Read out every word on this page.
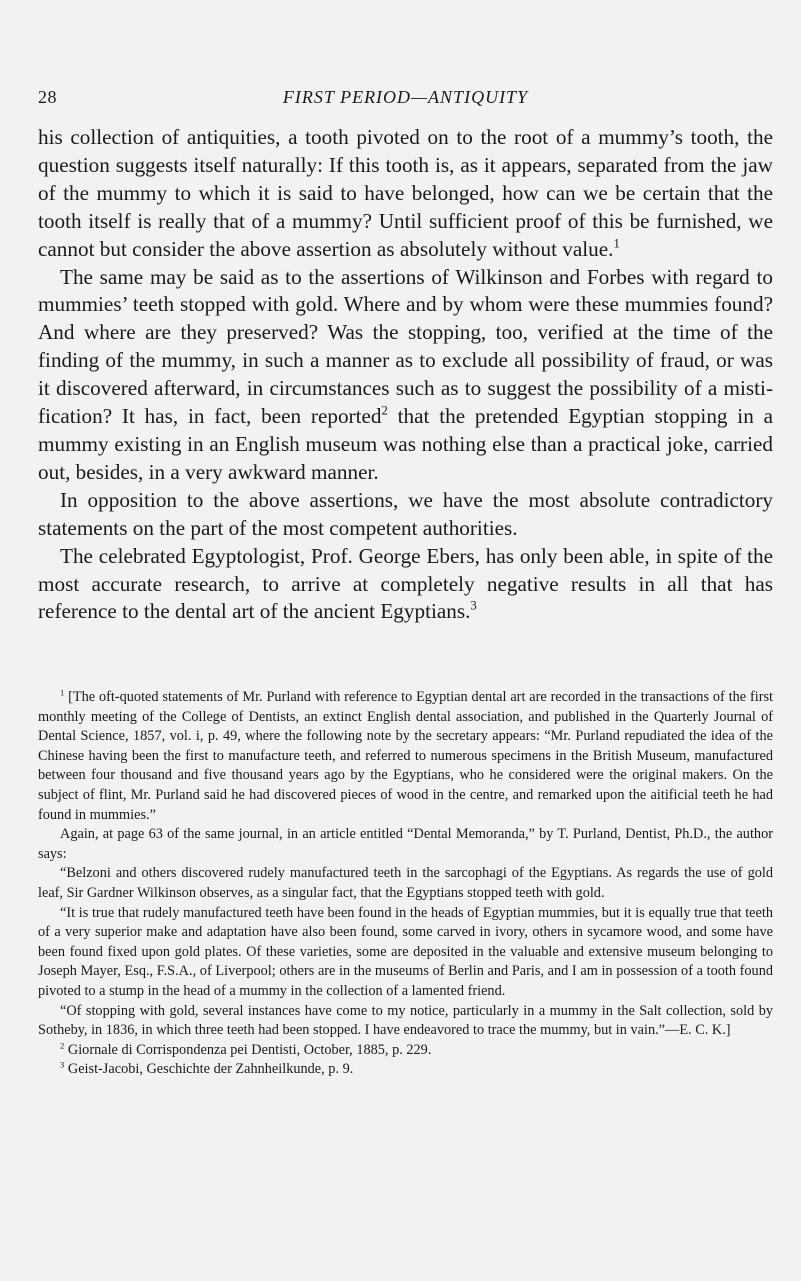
28	FIRST PERIOD—ANTIQUITY

his collection of antiquities, a tooth pivoted on to the root of a mummy’s tooth, the question suggests itself naturally: If this tooth is, as it appears, separated from the jaw of the mummy to which it is said to have belonged, how can we be certain that the tooth itself is really that of a mummy? Until sufficient proof of this be furnished, we cannot but consider the above assertion as absolutely without value.$^1$

The same may be said as to the assertions of Wilkinson and Forbes with regard to mummies’ teeth stopped with gold. Where and by whom were these mummies found? And where are they preserved? Was the stopping, too, verified at the time of the finding of the mummy, in such a manner as to exclude all possibility of fraud, or was it discovered afterward, in circumstances such as to suggest the possibility of a mistification? It has, in fact, been reported$^2$ that the pretended Egyptian stopping in a mummy existing in an English museum was nothing else than a practical joke, carried out, besides, in a very awkward manner.

In opposition to the above assertions, we have the most absolute contradictory statements on the part of the most competent authorities.

The celebrated Egyptologist, Prof. George Ebers, has only been able, in spite of the most accurate research, to arrive at completely negative results in all that has reference to the dental art of the ancient Egyptians.$^3$

$^1$ [The oft-quoted statements of Mr. Purland with reference to Egyptian dental art are recorded in the transactions of the first monthly meeting of the College of Dentists, an extinct English dental association, and published in the Quarterly Journal of Dental Science, 1857, vol. i, p. 49, where the following note by the secretary appears: “Mr. Purland repudiated the idea of the Chinese having been the first to manufacture teeth, and referred to numerous specimens in the British Museum, manufactured between four thousand and five thousand years ago by the Egyptians, who he considered were the original makers. On the subject of flint, Mr. Purland said he had discovered pieces of wood in the centre, and remarked upon the aitificial teeth he had found in mummies.”

Again, at page 63 of the same journal, in an article entitled “Dental Memoranda,” by T. Purland, Dentist, Ph.D., the author says:

“Belzoni and others discovered rudely manufactured teeth in the sarcophagi of the Egyptians. As regards the use of gold leaf, Sir Gardner Wilkinson observes, as a singular fact, that the Egyptians stopped teeth with gold.

“It is true that rudely manufactured teeth have been found in the heads of Egyptian mummies, but it is equally true that teeth of a very superior make and adaptation have also been found, some carved in ivory, others in sycamore wood, and some have been found fixed upon gold plates. Of these varieties, some are deposited in the valuable and extensive museum belonging to Joseph Mayer, Esq., F.S.A., of Liverpool; others are in the museums of Berlin and Paris, and I am in possession of a tooth found pivoted to a stump in the head of a mummy in the collection of a lamented friend.

“Of stopping with gold, several instances have come to my notice, particularly in a mummy in the Salt collection, sold by Sotheby, in 1836, in which three teeth had been stopped. I have endeavored to trace the mummy, but in vain.”—E. C. K.]

$^2$ Giornale di Corrispondenza pei Dentisti, October, 1885, p. 229.

$^3$ Geist-Jacobi, Geschichte der Zahnheilkunde, p. 9.
